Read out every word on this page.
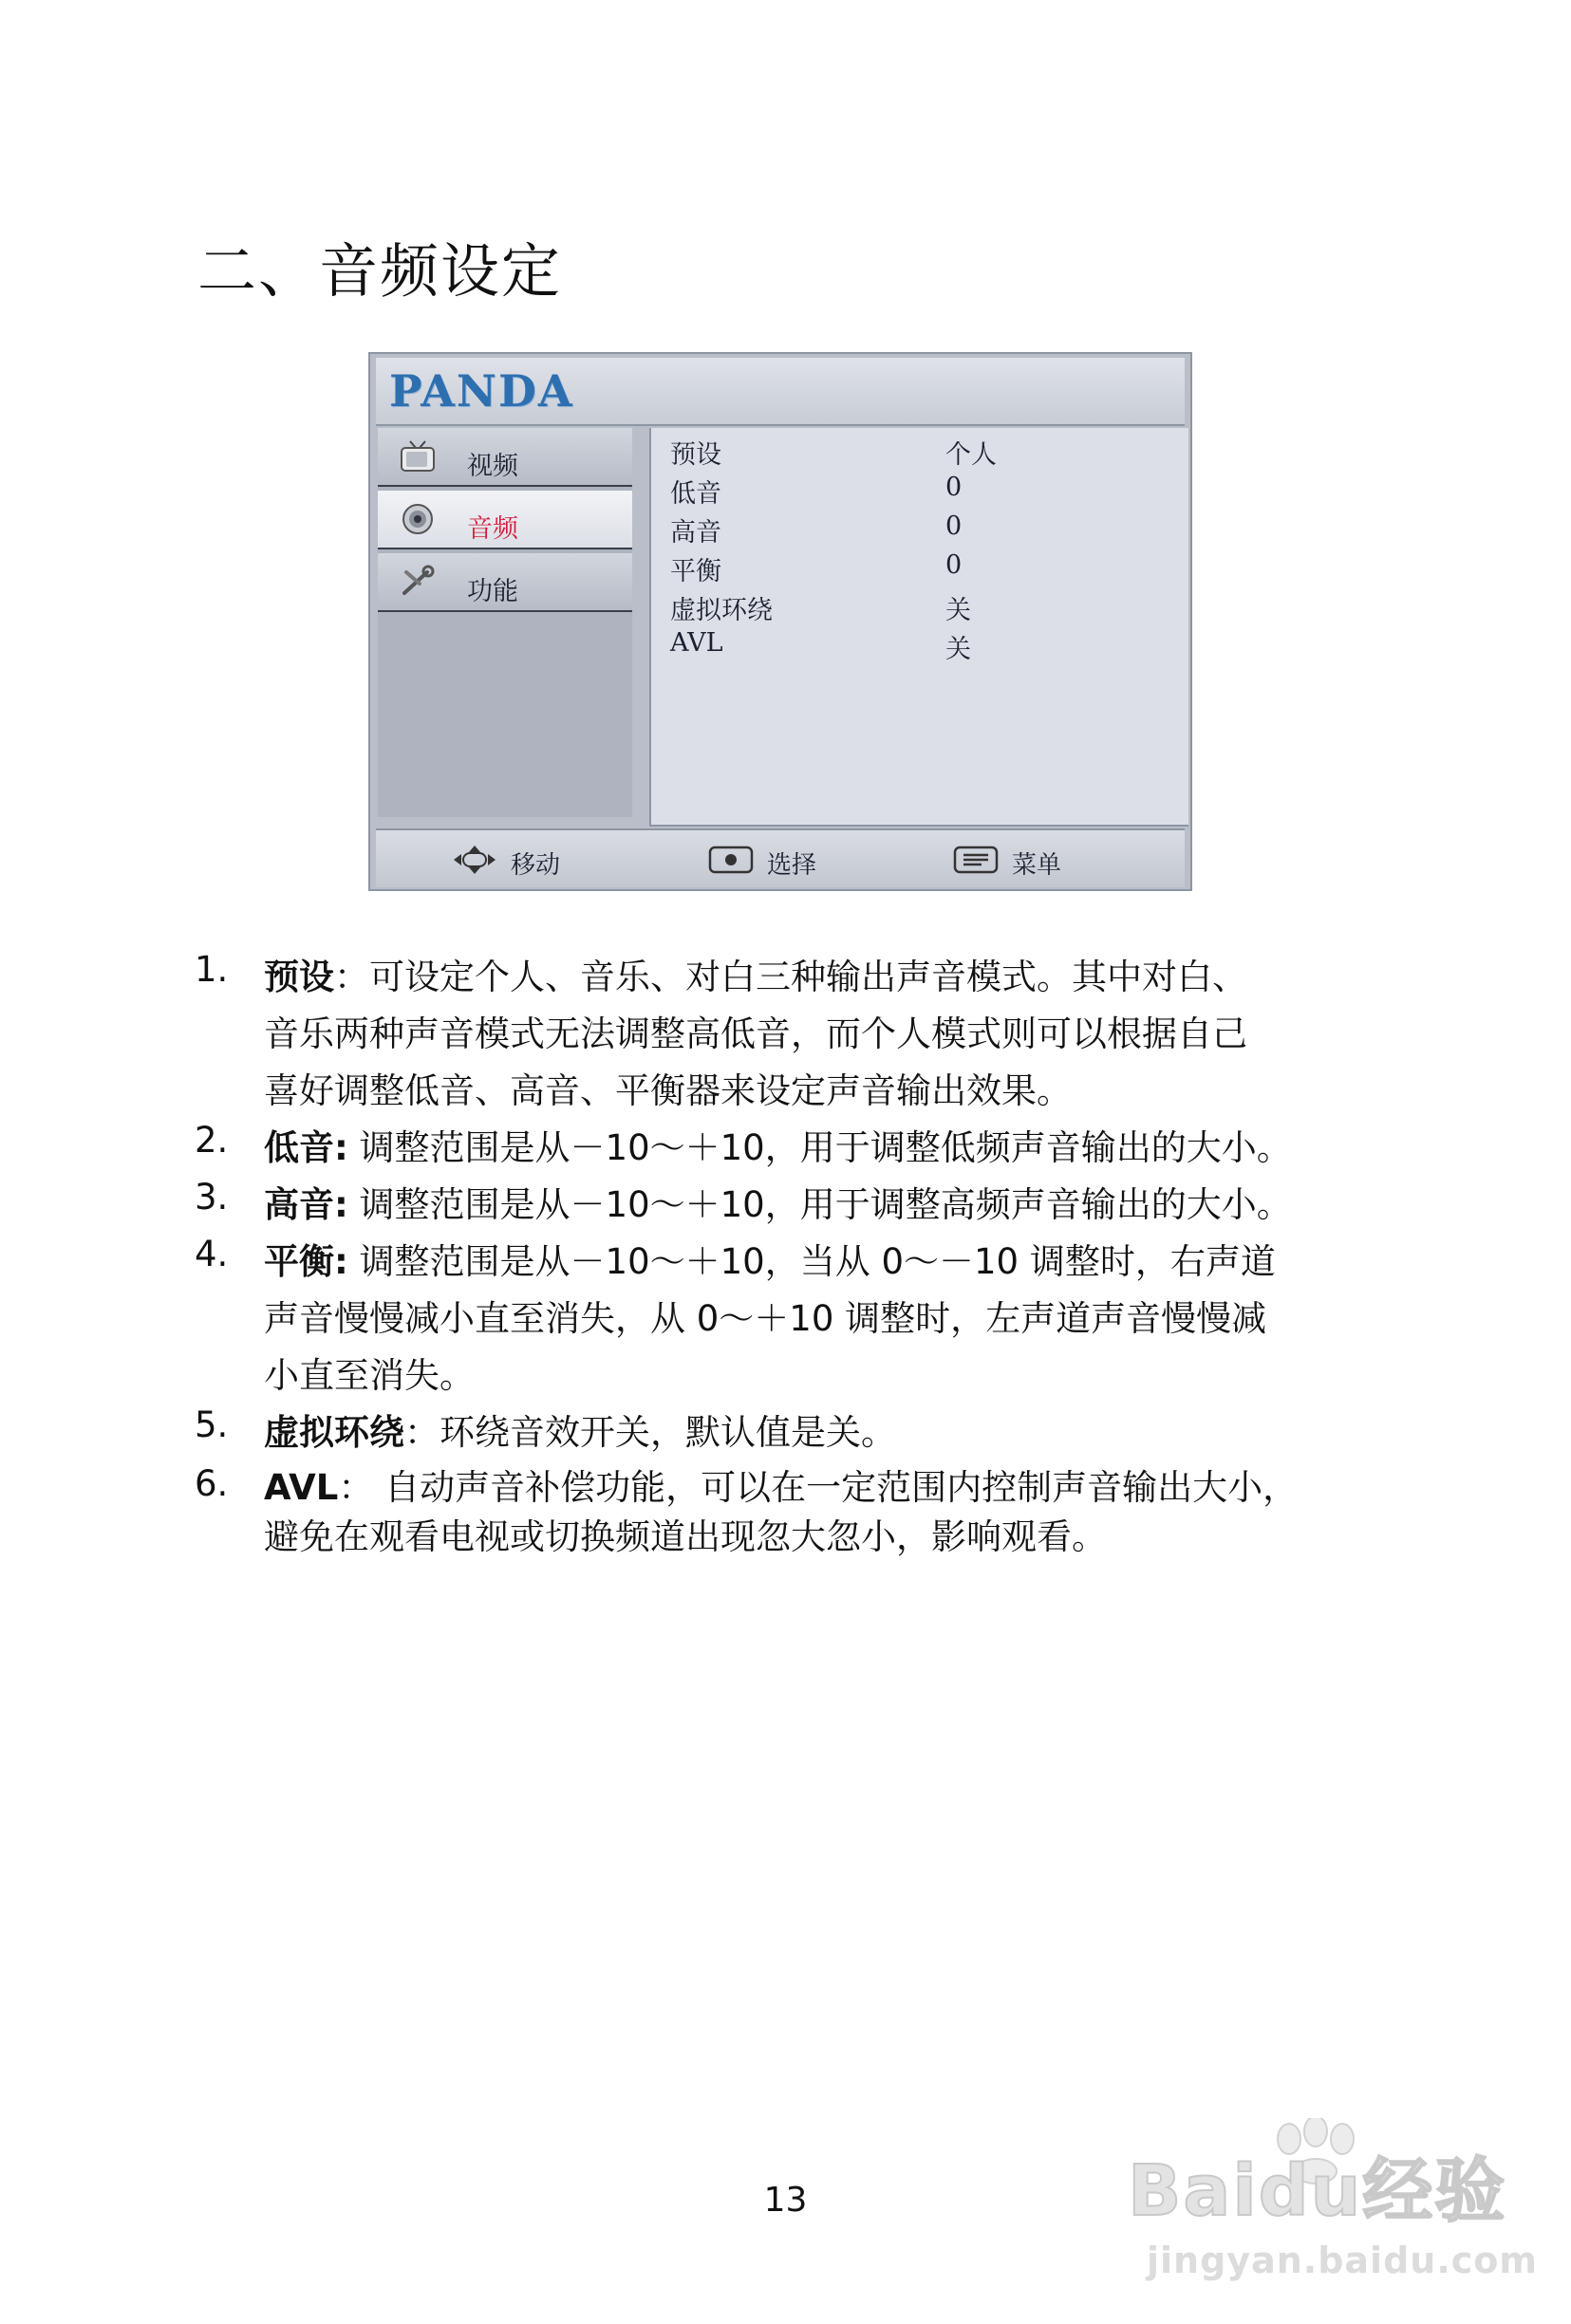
二、音频设定
PANDA
视频
音频
功能
预设	个人
低音	0
高音	0
平衡	0
虚拟环绕	关
AVL	关
移动	选择	菜单
1. 预设：可设定个人、音乐、对白三种输出声音模式。其中对白、
音乐两种声音模式无法调整高低音，而个人模式则可以根据自己
喜好调整低音、高音、平衡器来设定声音输出效果。
2. 低音: 调整范围是从－10～＋10，用于调整低频声音输出的大小。
3. 高音: 调整范围是从－10～＋10，用于调整高频声音输出的大小。
4. 平衡: 调整范围是从－10～＋10，当从 0～－10 调整时，右声道
声音慢慢减小直至消失，从 0～＋10 调整时，左声道声音慢慢减
小直至消失。
5. 虚拟环绕：环绕音效开关，默认值是关。
6. AVL： 自动声音补偿功能，可以在一定范围内控制声音输出大小，
避免在观看电视或切换频道出现忽大忽小，影响观看。
13	Baidu经验
jingyan.baidu.com
